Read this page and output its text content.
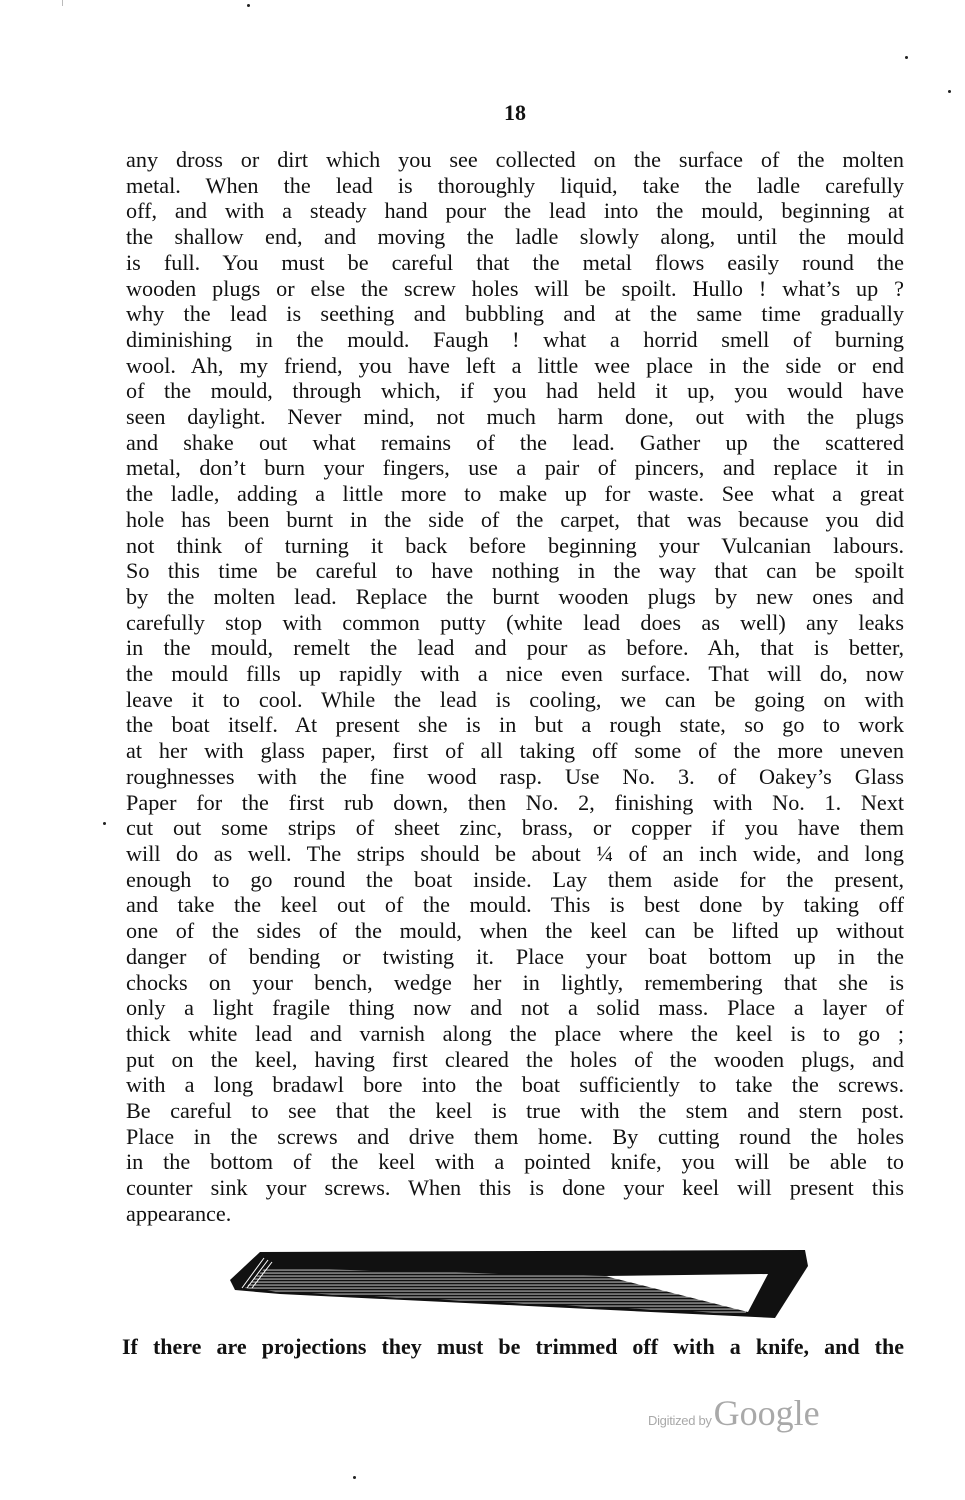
18
any dross or dirt which you see collected on the surface of the molten
metal. When the lead is thoroughly liquid, take the ladle carefully
off, and with a steady hand pour the lead into the mould, beginning at
the shallow end, and moving the ladle slowly along, until the mould
is full. You must be careful that the metal flows easily round the
wooden plugs or else the screw holes will be spoilt. Hullo ! what’s up ?
why the lead is seething and bubbling and at the same time gradually
diminishing in the mould. Faugh ! what a horrid smell of burning
wool. Ah, my friend, you have left a little wee place in the side or end
of the mould, through which, if you had held it up, you would have
seen daylight. Never mind, not much harm done, out with the plugs
and shake out what remains of the lead. Gather up the scattered
metal, don’t burn your fingers, use a pair of pincers, and replace it in
the ladle, adding a little more to make up for waste. See what a great
hole has been burnt in the side of the carpet, that was because you did
not think of turning it back before beginning your Vulcanian labours.
So this time be careful to have nothing in the way that can be spoilt
by the molten lead. Replace the burnt wooden plugs by new ones and
carefully stop with common putty (white lead does as well) any leaks
in the mould, remelt the lead and pour as before. Ah, that is better,
the mould fills up rapidly with a nice even surface. That will do, now
leave it to cool. While the lead is cooling, we can be going on with
the boat itself. At present she is in but a rough state, so go to work
at her with glass paper, first of all taking off some of the more uneven
roughnesses with the fine wood rasp. Use No. 3. of Oakey’s Glass
Paper for the first rub down, then No. 2, finishing with No. 1. Next
cut out some strips of sheet zinc, brass, or copper if you have them
will do as well. The strips should be about ¼ of an inch wide, and long
enough to go round the boat inside. Lay them aside for the present,
and take the keel out of the mould. This is best done by taking off
one of the sides of the mould, when the keel can be lifted up without
danger of bending or twisting it. Place your boat bottom up in the
chocks on your bench, wedge her in lightly, remembering that she is
only a light fragile thing now and not a solid mass. Place a layer of
thick white lead and varnish along the place where the keel is to go ;
put on the keel, having first cleared the holes of the wooden plugs, and
with a long bradawl bore into the boat sufficiently to take the screws.
Be careful to see that the keel is true with the stem and stern post.
Place in the screws and drive them home. By cutting round the holes
in the bottom of the keel with a pointed knife, you will be able to
counter sink your screws. When this is done your keel will present this
appearance.
If there are projections they must be trimmed off with a knife, and the
Digitized by Google
